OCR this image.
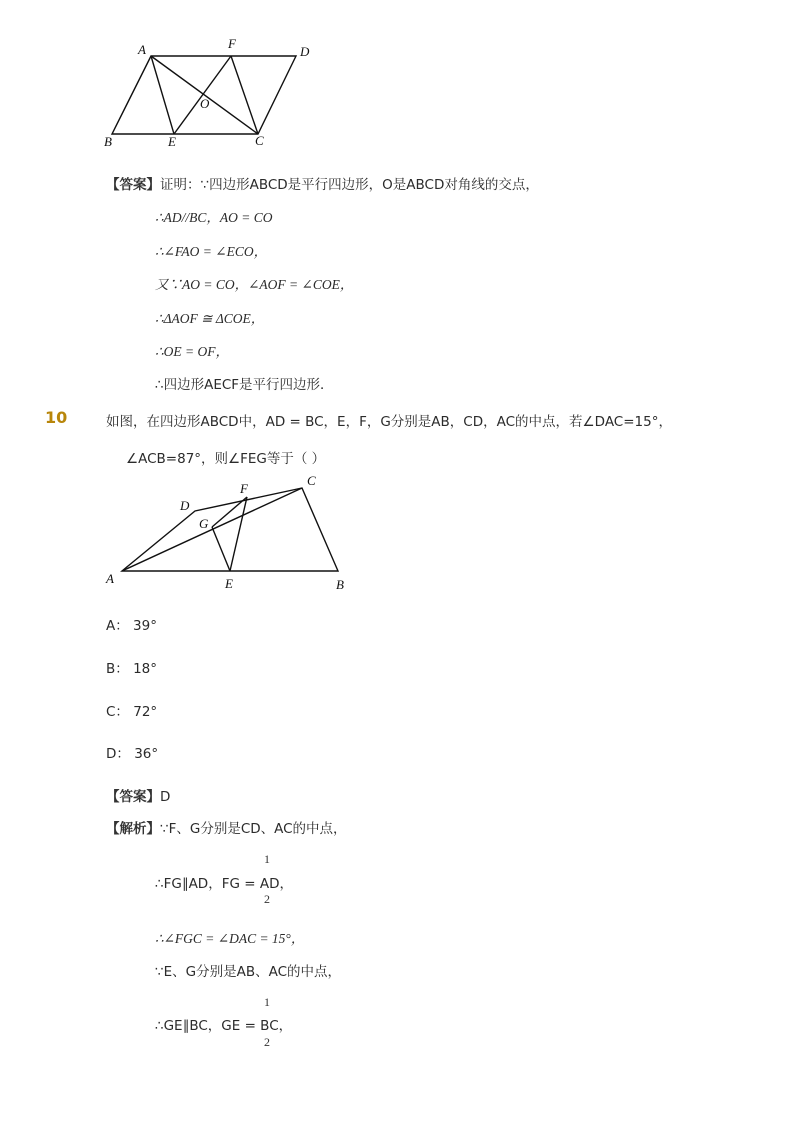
A	F
D
O
B	E	C
【答案】证明：∵四边形ABCD是平行四边形，O是ABCD对角线的交点，
∴AD//BC，AO = CO
∴∠FAO = ∠ECO，
又∵AO = CO，∠AOF = ∠COE，
∴ΔAOF ≅ ΔCOE，
∴OE = OF，
∴四边形AECF是平行四边形．
10	如图，在四边形ABCD中，AD = BC，E，F，G分别是AB，CD，AC的中点，若∠DAC=15°，
∠ACB=87°，则∠FEG等于（ ）
A	B
C
D
E
F
G
A： 39°
B： 18°
C： 72°
D： 36°
【答案】D
【解析】∵F、G分别是CD、AC的中点，
1
∴FG∥AD，FG = AD，
2
∴∠FGC = ∠DAC = 15°，
∵E、G分别是AB、AC的中点，
1
∴GE∥BC，GE = BC，
2
